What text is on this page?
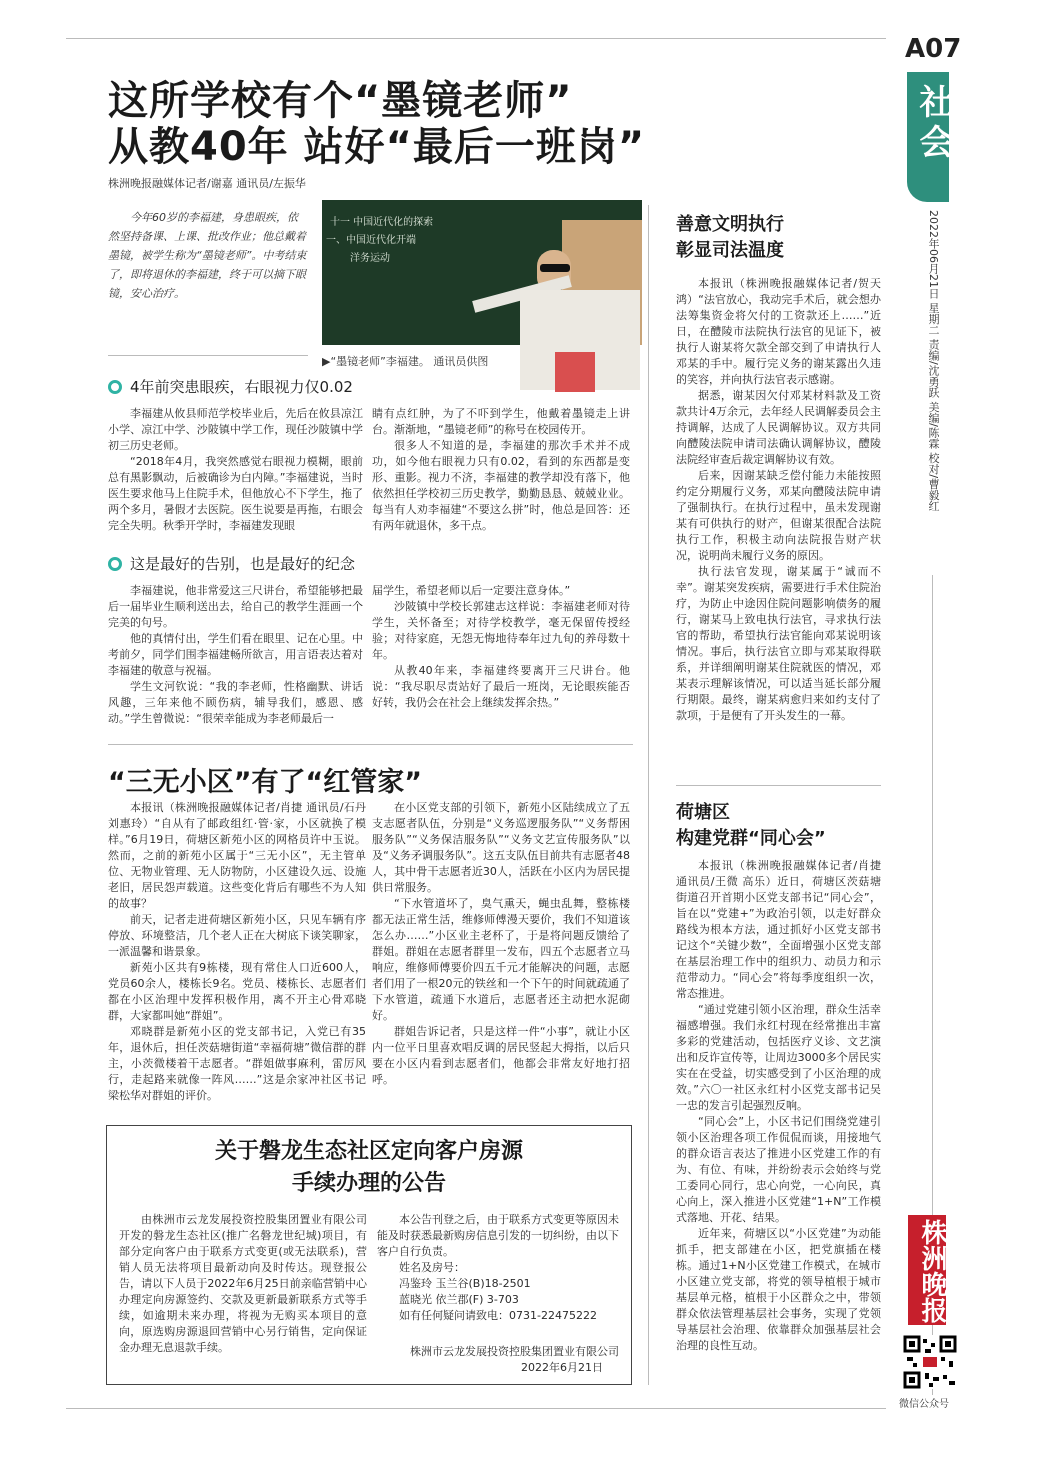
A07
社会
2022年06月21日 星期二 责编/沈勇跃 美编/陈霖 校对/曹毅红
株洲晚报
微信公众号
这所学校有个“墨镜老师”
从教40年 站好“最后一班岗”
株洲晚报融媒体记者/谢嘉 通讯员/左振华
今年60岁的李福建，身患眼疾，依然坚持备课、上课、批改作业；他总戴着墨镜，被学生称为“墨镜老师”。中考结束了，即将退休的李福建，终于可以摘下眼镜，安心治疗。
十一 中国近代化的探索
一、中国近代化开端
洋务运动
▶“墨镜老师”李福建。 通讯员供图
4年前突患眼疾，右眼视力仅0.02

李福建从攸县师范学校毕业后，先后在攸县凉江小学、凉江中学、沙陂镇中学工作，现任沙陂镇中学初三历史老师。

“2018年4月，我突然感觉右眼视力模糊，眼前总有黑影飘动，后被确诊为白内障。”李福建说，当时医生要求他马上住院手术，但他放心不下学生，拖了两个多月，暑假才去医院。医生说要是再拖，右眼会完全失明。秋季开学时，李福建发现眼

睛有点红肿，为了不吓到学生，他戴着墨镜走上讲台。渐渐地，“墨镜老师”的称号在校园传开。

很多人不知道的是，李福建的那次手术并不成功，如今他右眼视力只有0.02，看到的东西都是变形、重影。视力不济，李福建的教学却没有落下，他依然担任学校初三历史教学，勤勤恳恳、兢兢业业。每当有人劝李福建“不要这么拼”时，他总是回答：还有两年就退休，多干点。

这是最好的告别，也是最好的纪念

李福建说，他非常爱这三尺讲台，希望能够把最后一届毕业生顺利送出去，给自己的教学生涯画一个完美的句号。

他的真情付出，学生们看在眼里、记在心里。中考前夕，同学们围李福建畅所欲言，用言语表达着对李福建的敬意与祝福。

学生文河钦说：“我的李老师，性格幽默、讲话风趣，三年来他不顾伤病，辅导我们，感恩、感动。”学生曾微说：“很荣幸能成为李老师最后一

届学生，希望老师以后一定要注意身体。”

沙陂镇中学校长郭建志这样说：李福建老师对待学生，关怀备至；对待学校教学，毫无保留传授经验；对待家庭，无怨无悔地待奉年过九旬的养母数十年。

从教40年来，李福建终要离开三尺讲台。他说：“我尽职尽责站好了最后一班岗，无论眼疾能否好转，我仍会在社会上继续发挥余热。”

“三无小区”有了“红管家”

本报讯（株洲晚报融媒体记者/肖捷 通讯员/石丹 刘惠玲）“自从有了邮政组红·管·家，小区就换了模样。”6月19日，荷塘区新苑小区的网格员许中玉说。然而，之前的新苑小区属于“三无小区”，无主管单位、无物业管理、无人防物防，小区建设久远、设施老旧，居民怨声载道。这些变化背后有哪些不为人知的故事？

前天，记者走进荷塘区新苑小区，只见车辆有序停放、环境整洁，几个老人正在大树底下谈笑聊家，一派温馨和谐景象。

新苑小区共有9栋楼，现有常住人口近600人，党员60余人，楼栋长9名。党员、楼栋长、志愿者们都在小区治理中发挥积极作用，离不开主心骨邓晓群，大家都叫她“群姐”。

邓晓群是新苑小区的党支部书记，入党已有35年，退休后，担任茨菇塘街道“幸福荷塘”微信群的群主，小茨微楼着干志愿者。“群姐做事麻利，雷厉风行，走起路来就像一阵风……”这是余家冲社区书记梁松华对群姐的评价。

在小区党支部的引领下，新苑小区陆续成立了五支志愿者队伍，分别是“义务巡逻服务队”“义务帮困服务队”“义务保洁服务队”“义务文艺宣传服务队”以及“义务矛调服务队”。这五支队伍目前共有志愿者48人，其中骨干志愿者近30人，活跃在小区内为居民提供日常服务。

“下水管道坏了，臭气熏天，蝇虫乱舞，整栋楼都无法正常生活，维修师傅漫天要价，我们不知道该怎么办……”小区业主老杯了，于是将问题反馈给了群姐。群姐在志愿者群里一发布，四五个志愿者立马响应，维修师傅要价四五千元才能解决的问题，志愿者们用了一根20元的铁丝和一个下午的时间就疏通了下水管道，疏通下水道后，志愿者还主动把水泥砌好。

群姐告诉记者，只是这样一件“小事”，就让小区内一位平日里喜欢唱反调的居民竖起大拇指，以后只要在小区内看到志愿者们，他都会非常友好地打招呼。

善意文明执行
彰显司法温度

本报讯（株洲晚报融媒体记者/贺天鸿）“法官放心，我动完手术后，就会想办法筹集资金将欠付的工资款还上……”近日，在醴陵市法院执行法官的见证下，被执行人谢某将欠款全部交到了申请执行人邓某的手中。履行完义务的谢某露出久违的笑容，并向执行法官表示感谢。

据悉，谢某因欠付邓某材料款及工资款共计4万余元，去年经人民调解委员会主持调解，达成了人民调解协议。双方共同向醴陵法院申请司法确认调解协议，醴陵法院经审查后裁定调解协议有效。

后来，因谢某缺乏偿付能力未能按照约定分期履行义务，邓某向醴陵法院申请了强制执行。在执行过程中，虽未发现谢某有可供执行的财产，但谢某很配合法院执行工作，积极主动向法院报告财产状况，说明尚未履行义务的原因。

执行法官发现，谢某属于“诚而不幸”。谢某突发疾病，需要进行手术住院治疗，为防止中途因住院问题影响债务的履行，谢某马上致电执行法官，寻求执行法官的帮助，希望执行法官能向邓某说明该情况。事后，执行法官立即与邓某取得联系，并详细阐明谢某住院就医的情况，邓某表示理解该情况，可以适当延长部分履行期限。最终，谢某病愈归来如约支付了款项，于是便有了开头发生的一幕。

荷塘区
构建党群“同心会”

本报讯（株洲晚报融媒体记者/肖捷 通讯员/王微 高乐）近日，荷塘区茨菇塘街道召开首期小区党支部书记“同心会”，旨在以“党建+”为政治引领，以走好群众路线为根本方法，通过抓好小区党支部书记这个“关键少数”，全面增强小区党支部在基层治理工作中的组织力、动员力和示范带动力。“同心会”将每季度组织一次，常态推进。

“通过党建引领小区治理，群众生活幸福感增强。我们永红村现在经常推出丰富多彩的党建活动，包括医疗义诊、文艺演出和反诈宣传等，让周边3000多个居民实实在在受益，切实感受到了小区治理的成效。”六〇一社区永红村小区党支部书记吴一忠的发言引起强烈反响。

“同心会”上，小区书记们围绕党建引领小区治理各项工作侃侃而谈，用接地气的群众语言表达了推进小区党建工作的有为、有位、有味，并纷纷表示会始终与党工委同心同行，忠心向党，一心向民，真心向上，深入推进小区党建“1+N”工作模式落地、开花、结果。

近年来，荷塘区以“小区党建”为动能抓手，把支部建在小区，把党旗插在楼栋。通过1+N小区党建工作模式，在城市小区建立党支部，将党的领导植根于城市基层单元格，植根于小区群众之中，带领群众依法管理基层社会事务，实现了党领导基层社会治理、依靠群众加强基层社会治理的良性互动。

关于磐龙生态社区定向客户房源
手续办理的公告

由株洲市云龙发展投资控股集团置业有限公司开发的磐龙生态社区(推广名磐龙世纪城)项目，有部分定向客户由于联系方式变更(或无法联系)，营销人员无法将项目最新动向及时传达。现登报公告，请以下人员于2022年6月25日前亲临营销中心办理定向房源签约、交款及更新最新联系方式等手续，如逾期未来办理，将视为无购买本项目的意向，原选购房源退回营销中心另行销售，定向保证金办理无息退款手续。

本公告刊登之后，由于联系方式变更等原因未能及时获悉最新购房信息引发的一切纠纷，由以下客户自行负责。

姓名及房号：
冯鉴玲 玉兰谷(B)18-2501
蓝晓光 依兰郡(F) 3-703
如有任何疑问请致电：0731-22475222
株洲市云龙发展投资控股集团置业有限公司
2022年6月21日
